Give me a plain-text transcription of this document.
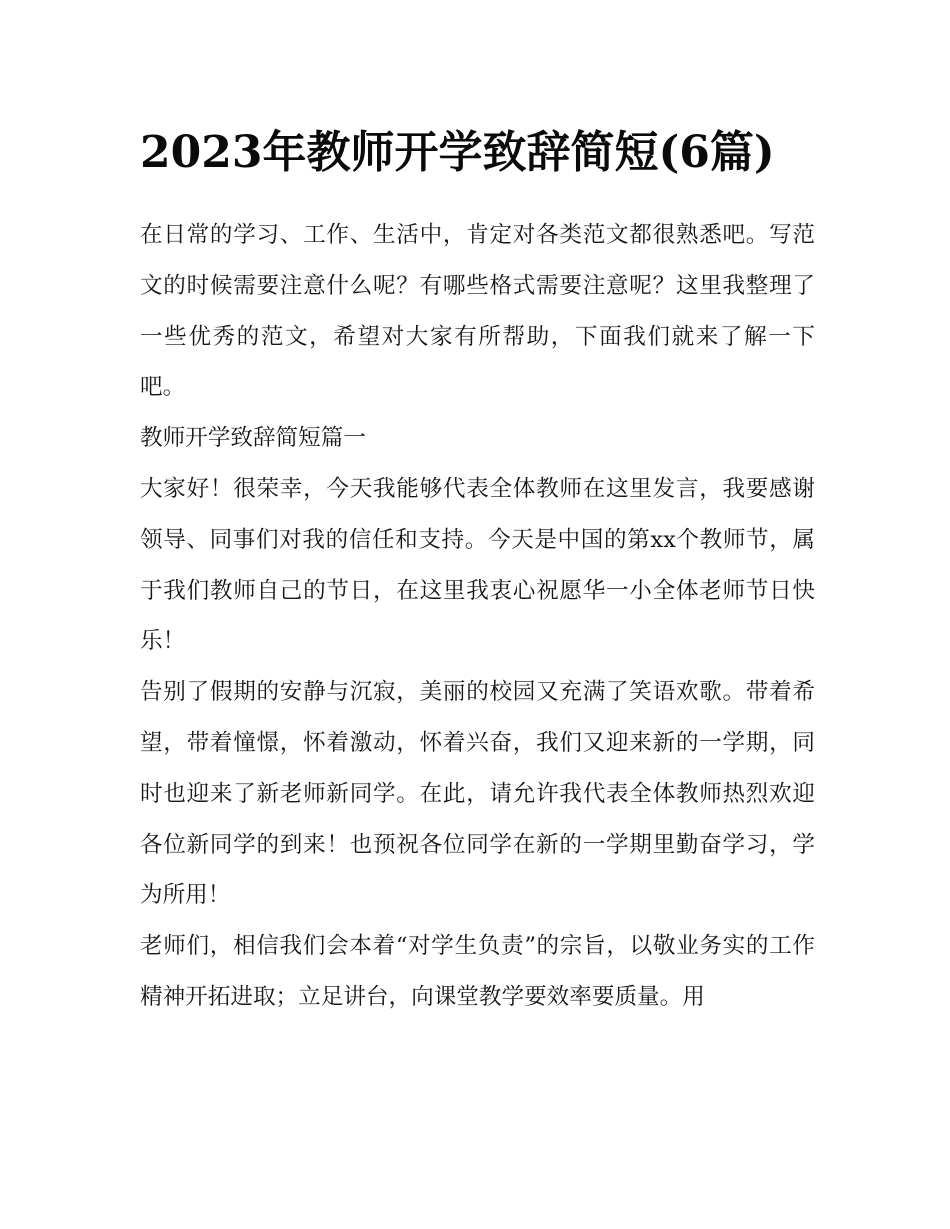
2023年教师开学致辞简短(6篇)

在日常的学习、工作、生活中，肯定对各类范文都很熟悉吧。写范文的时候需要注意什么呢？有哪些格式需要注意呢？这里我整理了一些优秀的范文，希望对大家有所帮助，下面我们就来了解一下吧。

教师开学致辞简短篇一

大家好！很荣幸，今天我能够代表全体教师在这里发言，我要感谢领导、同事们对我的信任和支持。今天是中国的第xx个教师节，属于我们教师自己的节日，在这里我衷心祝愿华一小全体老师节日快乐！

告别了假期的安静与沉寂，美丽的校园又充满了笑语欢歌。带着希望，带着憧憬，怀着激动，怀着兴奋，我们又迎来新的一学期，同时也迎来了新老师新同学。在此，请允许我代表全体教师热烈欢迎各位新同学的到来！也预祝各位同学在新的一学期里勤奋学习，学为所用！

老师们，相信我们会本着“对学生负责”的宗旨，以敬业务实的工作精神开拓进取；立足讲台，向课堂教学要效率要质量。用
